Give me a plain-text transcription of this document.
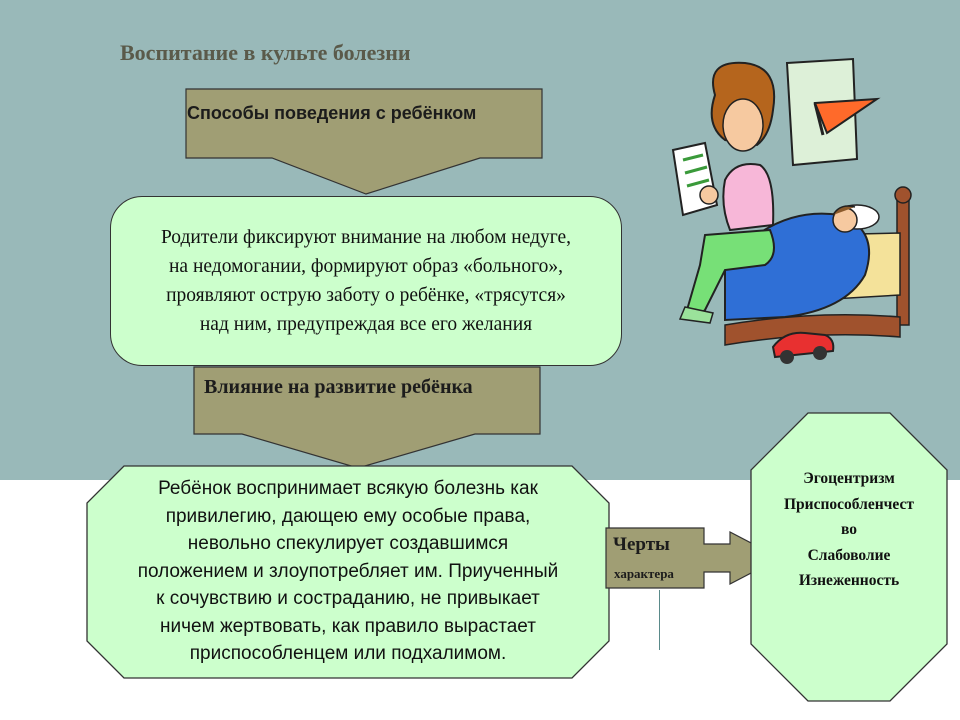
Воспитание в культе болезни
Способы поведения с ребёнком
Родители фиксируют внимание на любом недуге,
на недомогании, формируют образ «больного»,
проявляют острую заботу о ребёнке, «трясутся»
над ним, предупреждая все его желания
Влияние на развитие ребёнка
Ребёнок воспринимает всякую болезнь как
привилегию, дающею ему особые права,
невольно спекулирует создавшимся
положением и злоупотребляет им. Приученный
к сочувствию и состраданию, не привыкает
ничем жертвовать, как правило вырастает
приспособленцем или подхалимом.
Черты
характера
Эгоцентризм
Приспособленчест
во
Слабоволие
Изнеженность
